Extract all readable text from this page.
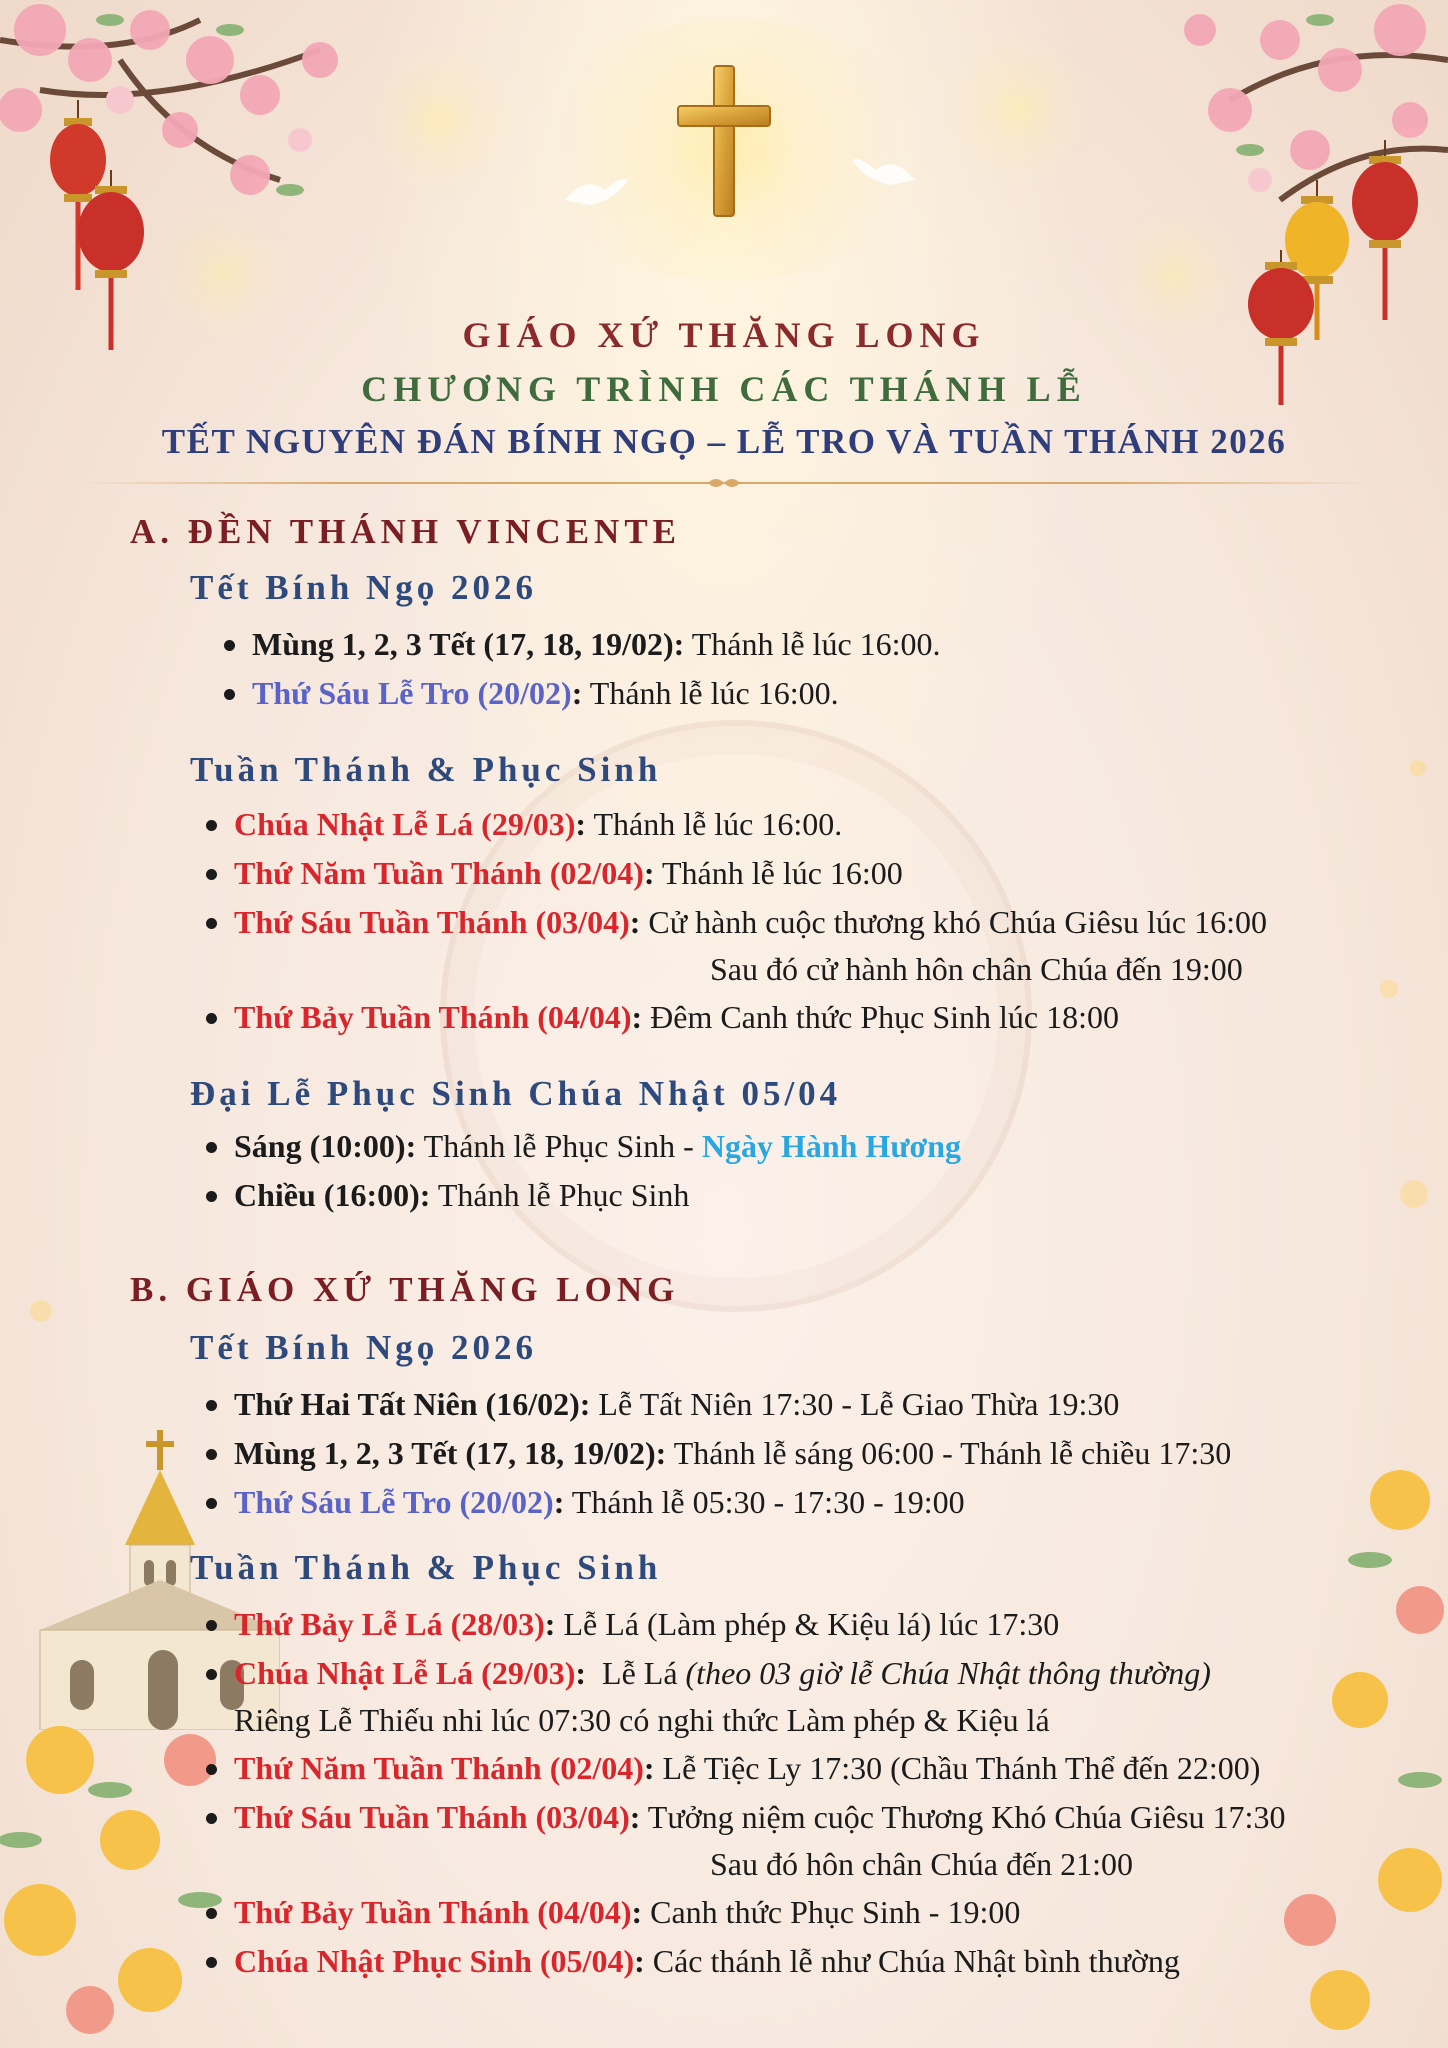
GIÁO XỨ THĂNG LONG
CHƯƠNG TRÌNH CÁC THÁNH LỄ
TẾT NGUYÊN ĐÁN BÍNH NGỌ – LỄ TRO VÀ TUẦN THÁNH 2026
A. ĐỀN THÁNH VINCENTE
Tết Bính Ngọ 2026
Mùng 1, 2, 3 Tết (17, 18, 19/02): Thánh lễ lúc 16:00.
Thứ Sáu Lễ Tro (20/02): Thánh lễ lúc 16:00.
Tuần Thánh & Phục Sinh
Chúa Nhật Lễ Lá (29/03): Thánh lễ lúc 16:00.
Thứ Năm Tuần Thánh (02/04): Thánh lễ lúc 16:00
Thứ Sáu Tuần Thánh (03/04): Cử hành cuộc thương khó Chúa Giêsu lúc 16:00
Sau đó cử hành hôn chân Chúa đến 19:00
Thứ Bảy Tuần Thánh (04/04): Đêm Canh thức Phục Sinh lúc 18:00
Đại Lễ Phục Sinh Chúa Nhật 05/04
Sáng (10:00): Thánh lễ Phục Sinh - Ngày Hành Hương
Chiều (16:00): Thánh lễ Phục Sinh
B. GIÁO XỨ THĂNG LONG
Tết Bính Ngọ 2026
Thứ Hai Tất Niên (16/02): Lễ Tất Niên 17:30 - Lễ Giao Thừa 19:30
Mùng 1, 2, 3 Tết (17, 18, 19/02): Thánh lễ sáng 06:00 - Thánh lễ chiều 17:30
Thứ Sáu Lễ Tro (20/02): Thánh lễ 05:30 - 17:30 - 19:00
Tuần Thánh & Phục Sinh
Thứ Bảy Lễ Lá (28/03): Lễ Lá (Làm phép & Kiệu lá) lúc 17:30
Chúa Nhật Lễ Lá (29/03): Lễ Lá (theo 03 giờ lễ Chúa Nhật thông thường)
Riêng Lễ Thiếu nhi lúc 07:30 có nghi thức Làm phép & Kiệu lá
Thứ Năm Tuần Thánh (02/04): Lễ Tiệc Ly 17:30 (Chầu Thánh Thể đến 22:00)
Thứ Sáu Tuần Thánh (03/04): Tưởng niệm cuộc Thương Khó Chúa Giêsu 17:30
Sau đó hôn chân Chúa đến 21:00
Thứ Bảy Tuần Thánh (04/04): Canh thức Phục Sinh - 19:00
Chúa Nhật Phục Sinh (05/04): Các thánh lễ như Chúa Nhật bình thường
